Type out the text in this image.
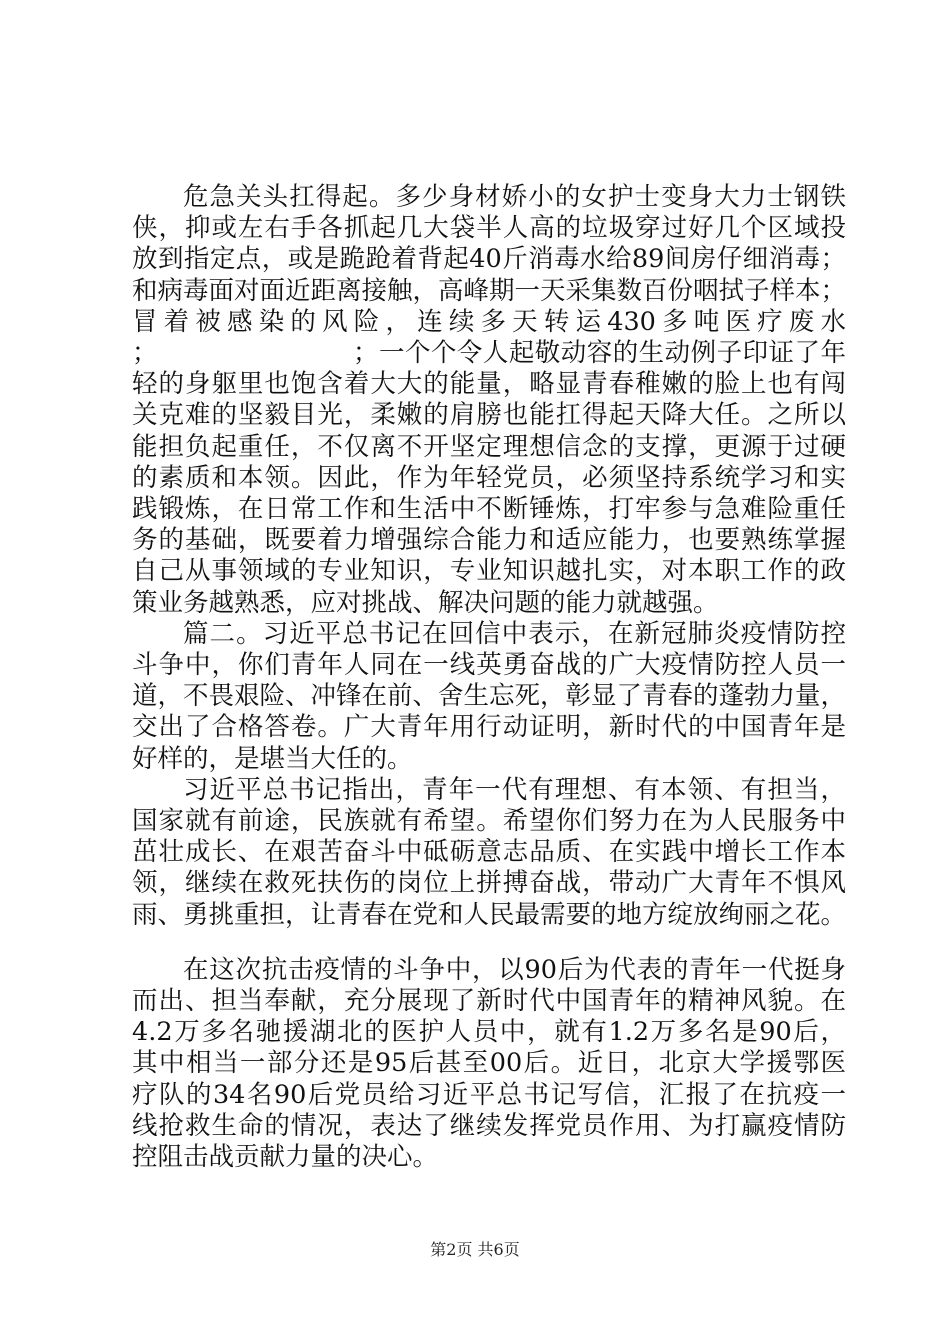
危急关头扛得起。多少身材娇小的女护士变身大力士钢铁
侠，抑或左右手各抓起几大袋半人高的垃圾穿过好几个区域投
放到指定点，或是跪跄着背起40斤消毒水给89间房仔细消毒；
和病毒面对面近距离接触，高峰期一天采集数百份咽拭子样本；
冒着被感染的风险，连续多天转运430多吨医疗废水
；　　　　　　　　；一个个令人起敬动容的生动例子印证了年
轻的身躯里也饱含着大大的能量，略显青春稚嫩的脸上也有闯
关克难的坚毅目光，柔嫩的肩膀也能扛得起天降大任。之所以
能担负起重任，不仅离不开坚定理想信念的支撑，更源于过硬
的素质和本领。因此，作为年轻党员，必须坚持系统学习和实
践锻炼，在日常工作和生活中不断锤炼，打牢参与急难险重任
务的基础，既要着力增强综合能力和适应能力，也要熟练掌握
自己从事领域的专业知识，专业知识越扎实，对本职工作的政
策业务越熟悉，应对挑战、解决问题的能力就越强。
篇二。习近平总书记在回信中表示，在新冠肺炎疫情防控
斗争中，你们青年人同在一线英勇奋战的广大疫情防控人员一
道，不畏艰险、冲锋在前、舍生忘死，彰显了青春的蓬勃力量，
交出了合格答卷。广大青年用行动证明，新时代的中国青年是
好样的，是堪当大任的。
习近平总书记指出，青年一代有理想、有本领、有担当，
国家就有前途，民族就有希望。希望你们努力在为人民服务中
茁壮成长、在艰苦奋斗中砥砺意志品质、在实践中增长工作本
领，继续在救死扶伤的岗位上拼搏奋战，带动广大青年不惧风
雨、勇挑重担，让青春在党和人民最需要的地方绽放绚丽之花。
在这次抗击疫情的斗争中，以90后为代表的青年一代挺身
而出、担当奉献，充分展现了新时代中国青年的精神风貌。在
4.2万多名驰援湖北的医护人员中，就有1.2万多名是90后，
其中相当一部分还是95后甚至00后。近日，北京大学援鄂医
疗队的34名90后党员给习近平总书记写信，汇报了在抗疫一
线抢救生命的情况，表达了继续发挥党员作用、为打赢疫情防
控阻击战贡献力量的决心。
第2页 共6页
